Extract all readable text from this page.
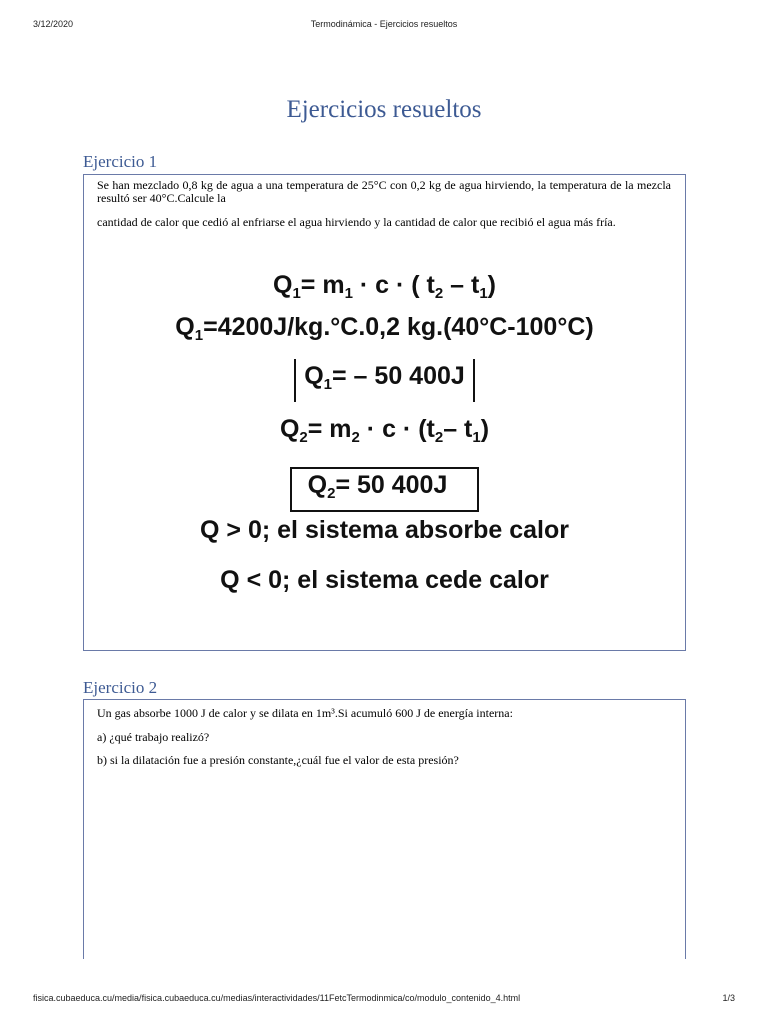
3/12/2020	Termodinámica - Ejercicios resueltos
Ejercicios resueltos
Ejercicio 1

Se han mezclado 0,8 kg de agua a una temperatura de 25°C con 0,2 kg de agua hirviendo, la temperatura de la mezcla resultó ser 40°C.Calcule la

cantidad de calor que cedió al enfriarse el agua hirviendo y la cantidad de calor que recibió el agua más fría.

$Q_1= m_1 \cdot c$ · ( $t_2 - t_1$)
$Q_1=4200J/kg.^\circ C.0,2$ kg.(40°C-100°C)
$Q_1= - 50$ 400J
$Q_2= m_2 \cdot c \cdot (t_2-$ $t_1$)
$Q_2= 50$ 400J
Q > 0; el sistema absorbe calor
Q < 0; el sistema cede calor
Ejercicio 2

Un gas absorbe 1000 J de calor y se dilata en 1m³.Si acumuló 600 J de energía interna:

a) ¿qué trabajo realizó?

b) si la dilatación fue a presión constante,¿cuál fue el valor de esta presión?

fisica.cubaeduca.cu/media/fisica.cubaeduca.cu/medias/interactividades/11FetcTermodinmica/co/modulo_contenido_4.html	1/3
